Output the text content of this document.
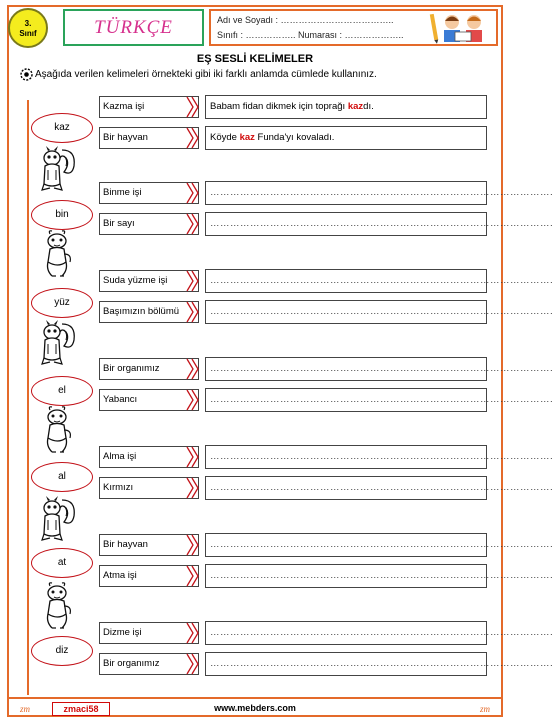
3.
Sınıf	TÜRKÇE	Adı ve Soyadı : ………………………………..
Sınıfı : …………….. Numarası : ………………..
EŞ SESLİ KELİMELER
Aşağıda verilen kelimeleri örnekteki gibi iki farklı anlamda cümlede kullanınız.
kaz
Kazma işi	Babam fidan dikmek için toprağı kazdı.
Bir hayvan	Köyde kaz Funda'yı kovaladı.
bin
Binme işi	………………………………………………………………………………………….
Bir sayı	………………………………………………………………………………………….
yüz
Suda yüzme işi	………………………………………………………………………………………….
Başımızın bölümü	………………………………………………………………………………………….
el
Bir organımız	………………………………………………………………………………………….
Yabancı	………………………………………………………………………………………….
al
Alma işi	………………………………………………………………………………………….
Kırmızı	………………………………………………………………………………………….
at
Bir hayvan	………………………………………………………………………………………….
Atma işi	………………………………………………………………………………………….
diz
Dizme işi	………………………………………………………………………………………….
Bir organımız	………………………………………………………………………………………….
zm	zmaci58	www.mebders.com	zm
